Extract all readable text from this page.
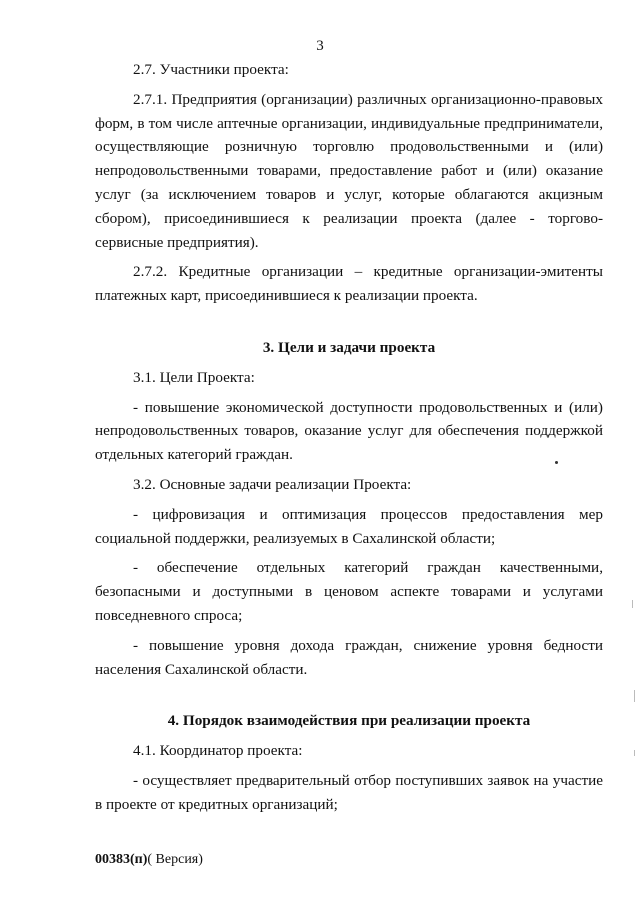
3

2.7. Участники проекта:

2.7.1. Предприятия (организации) различных организационно-правовых форм, в том числе аптечные организации, индивидуальные предприниматели, осуществляющие розничную торговлю продовольственными и (или) непродовольственными товарами, предоставление работ и (или) оказание услуг (за исключением товаров и услуг, которые облагаются акцизным сбором), присоединившиеся к реализации проекта (далее - торгово-сервисные предприятия).

2.7.2. Кредитные организации – кредитные организации-эмитенты платежных карт, присоединившиеся к реализации проекта.

3. Цели и задачи проекта

3.1. Цели Проекта:

- повышение экономической доступности продовольственных и (или) непродовольственных товаров, оказание услуг для обеспечения поддержкой отдельных категорий граждан.

3.2. Основные задачи реализации Проекта:

- цифровизация и оптимизация процессов предоставления мер социальной поддержки, реализуемых в Сахалинской области;

- обеспечение отдельных категорий граждан качественными, безопасными и доступными в ценовом аспекте товарами и услугами повседневного спроса;

- повышение уровня дохода граждан, снижение уровня бедности населения Сахалинской области.

4. Порядок взаимодействия при реализации проекта

4.1. Координатор проекта:

- осуществляет предварительный отбор поступивших заявок на участие в проекте от кредитных организаций;

00383(п)( Версия)
